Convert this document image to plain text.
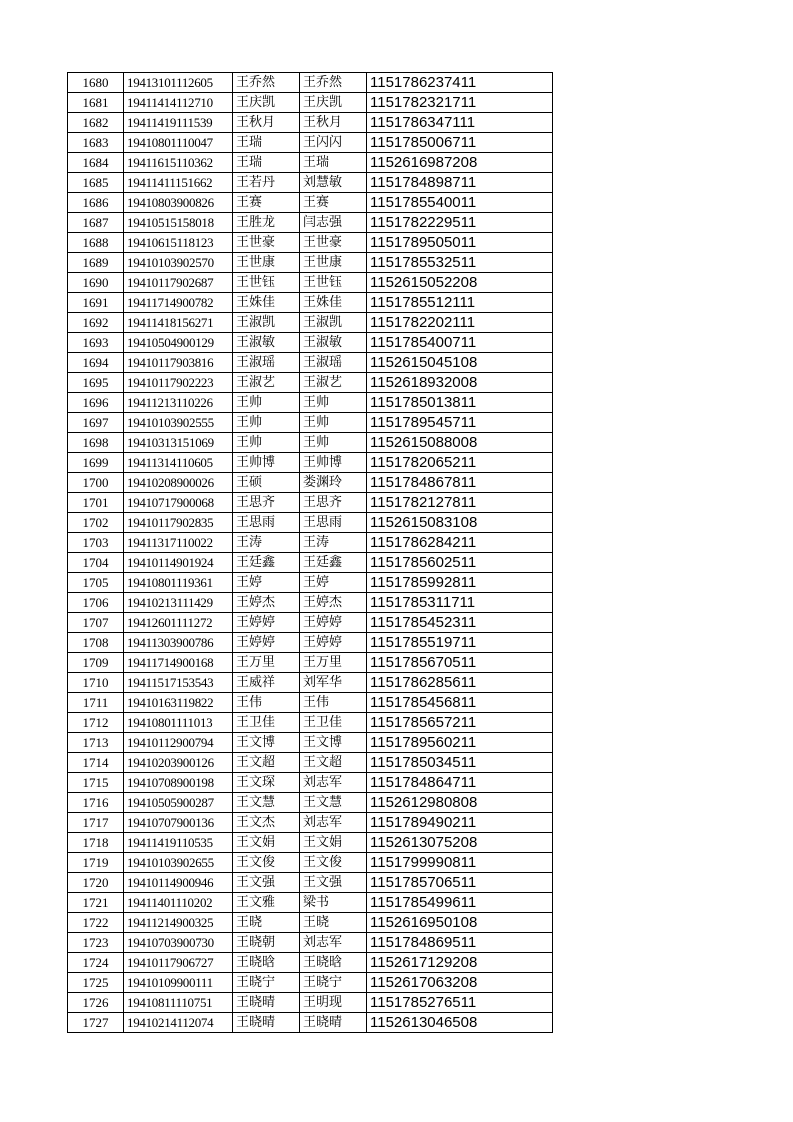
1680	19413101112605	王乔然	王乔然	1151786237411
1681	19411414112710	王庆凯	王庆凯	1151782321711
1682	19411419111539	王秋月	王秋月	1151786347111
1683	19410801110047	王瑞	王闪闪	1151785006711
1684	19411615110362	王瑞	王瑞	1152616987208
1685	19411411151662	王若丹	刘慧敏	1151784898711
1686	19410803900826	王赛	王赛	1151785540011
1687	19410515158018	王胜龙	闫志强	1151782229511
1688	19410615118123	王世豪	王世豪	1151789505011
1689	19410103902570	王世康	王世康	1151785532511
1690	19410117902687	王世钰	王世钰	1152615052208
1691	19411714900782	王姝佳	王姝佳	1151785512111
1692	19411418156271	王淑凯	王淑凯	1151782202111
1693	19410504900129	王淑敏	王淑敏	1151785400711
1694	19410117903816	王淑瑶	王淑瑶	1152615045108
1695	19410117902223	王淑艺	王淑艺	1152618932008
1696	19411213110226	王帅	王帅	1151785013811
1697	19410103902555	王帅	王帅	1151789545711
1698	19410313151069	王帅	王帅	1152615088008
1699	19411314110605	王帅博	王帅博	1151782065211
1700	19410208900026	王硕	娄渊玲	1151784867811
1701	19410717900068	王思齐	王思齐	1151782127811
1702	19410117902835	王思雨	王思雨	1152615083108
1703	19411317110022	王涛	王涛	1151786284211
1704	19410114901924	王廷鑫	王廷鑫	1151785602511
1705	19410801119361	王婷	王婷	1151785992811
1706	19410213111429	王婷杰	王婷杰	1151785311711
1707	19412601111272	王婷婷	王婷婷	1151785452311
1708	19411303900786	王婷婷	王婷婷	1151785519711
1709	19411714900168	王万里	王万里	1151785670511
1710	19411517153543	王威祥	刘军华	1151786285611
1711	19410163119822	王伟	王伟	1151785456811
1712	19410801111013	王卫佳	王卫佳	1151785657211
1713	19410112900794	王文博	王文博	1151789560211
1714	19410203900126	王文超	王文超	1151785034511
1715	19410708900198	王文琛	刘志军	1151784864711
1716	19410505900287	王文慧	王文慧	1152612980808
1717	19410707900136	王文杰	刘志军	1151789490211
1718	19411419110535	王文娟	王文娟	1152613075208
1719	19410103902655	王文俊	王文俊	1151799990811
1720	19410114900946	王文强	王文强	1151785706511
1721	19411401110202	王文雅	梁书	1151785499611
1722	19411214900325	王晓	王晓	1152616950108
1723	19410703900730	王晓朝	刘志军	1151784869511
1724	19410117906727	王晓晗	王晓晗	1152617129208
1725	19410109900111	王晓宁	王晓宁	1152617063208
1726	19410811110751	王晓晴	王明现	1151785276511
1727	19410214112074	王晓晴	王晓晴	1152613046508
